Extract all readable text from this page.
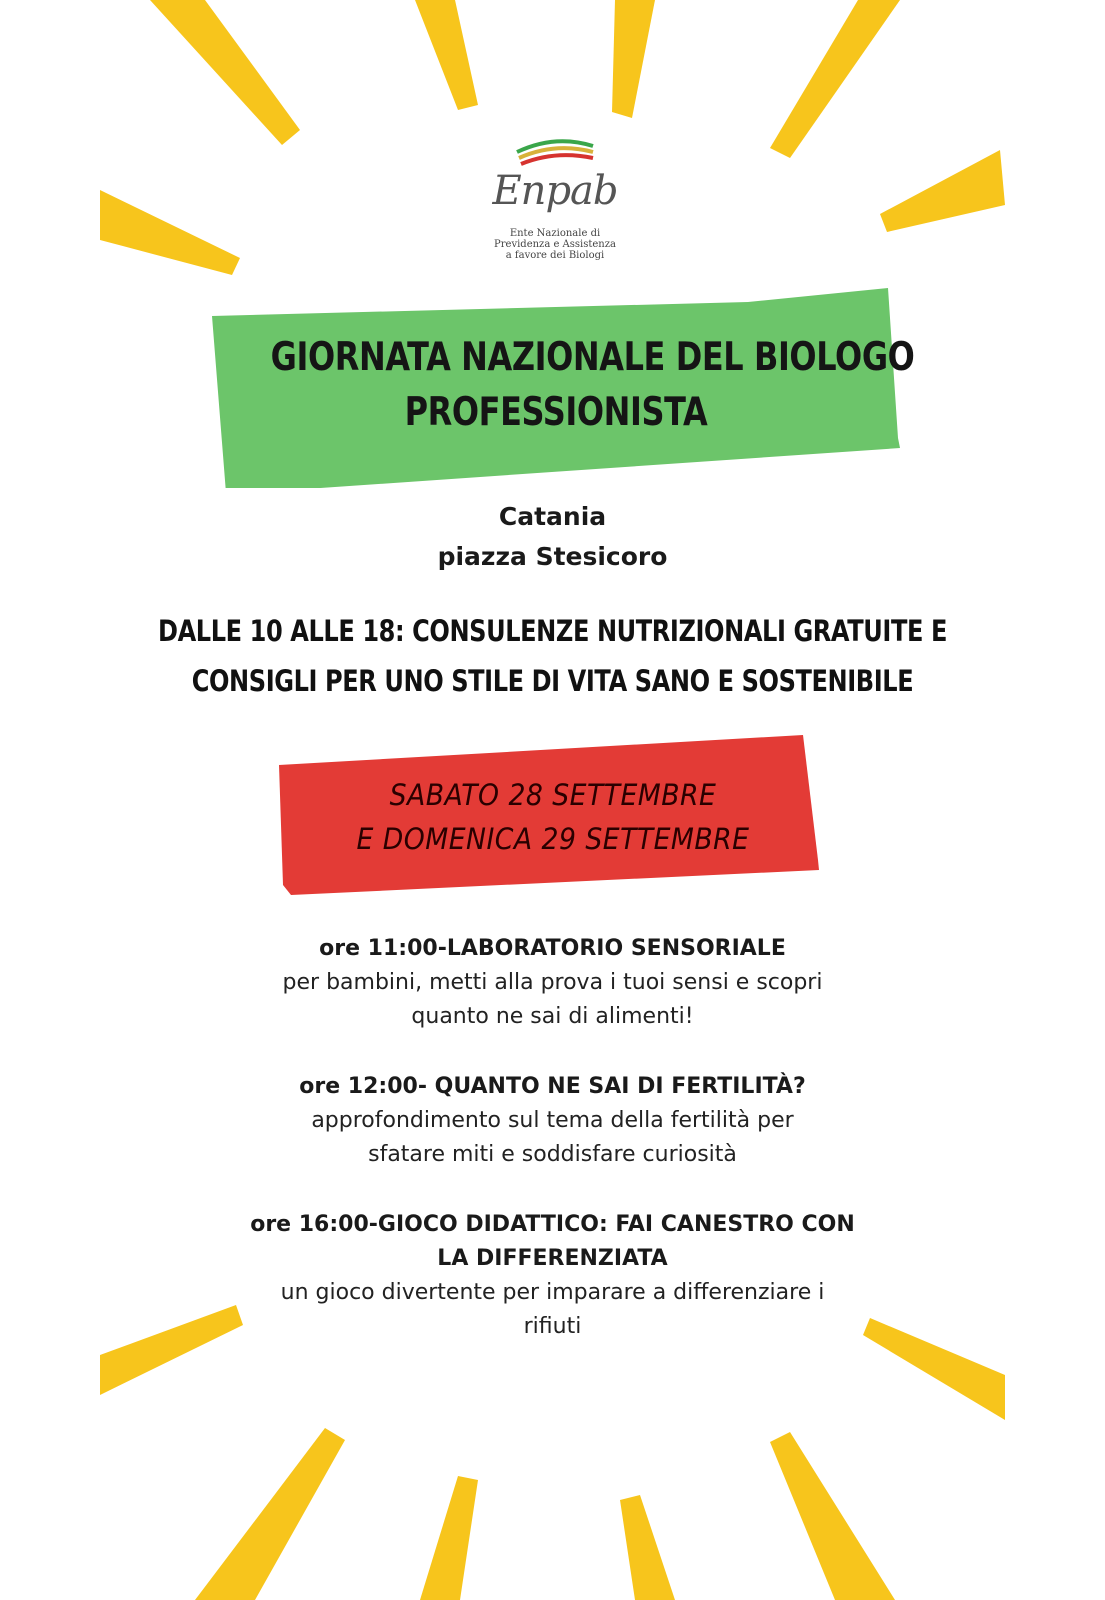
Enpab
Ente Nazionale di
Previdenza e Assistenza
a favore dei Biologi
GIORNATA NAZIONALE DEL BIOLOGO
PROFESSIONISTA
Catania
piazza Stesicoro
DALLE 10 ALLE 18: CONSULENZE NUTRIZIONALI GRATUITE E
CONSIGLI PER UNO STILE DI VITA SANO E SOSTENIBILE
SABATO 28 SETTEMBRE
E DOMENICA 29 SETTEMBRE
ore 11:00-LABORATORIO SENSORIALE
per bambini, metti alla prova i tuoi sensi e scopri
quanto ne sai di alimenti!
ore 12:00- QUANTO NE SAI DI FERTILITÀ?
approfondimento sul tema della fertilità per
sfatare miti e soddisfare curiosità
ore 16:00-GIOCO DIDATTICO: FAI CANESTRO CON
LA DIFFERENZIATA
un gioco divertente per imparare a differenziare i
rifiuti
